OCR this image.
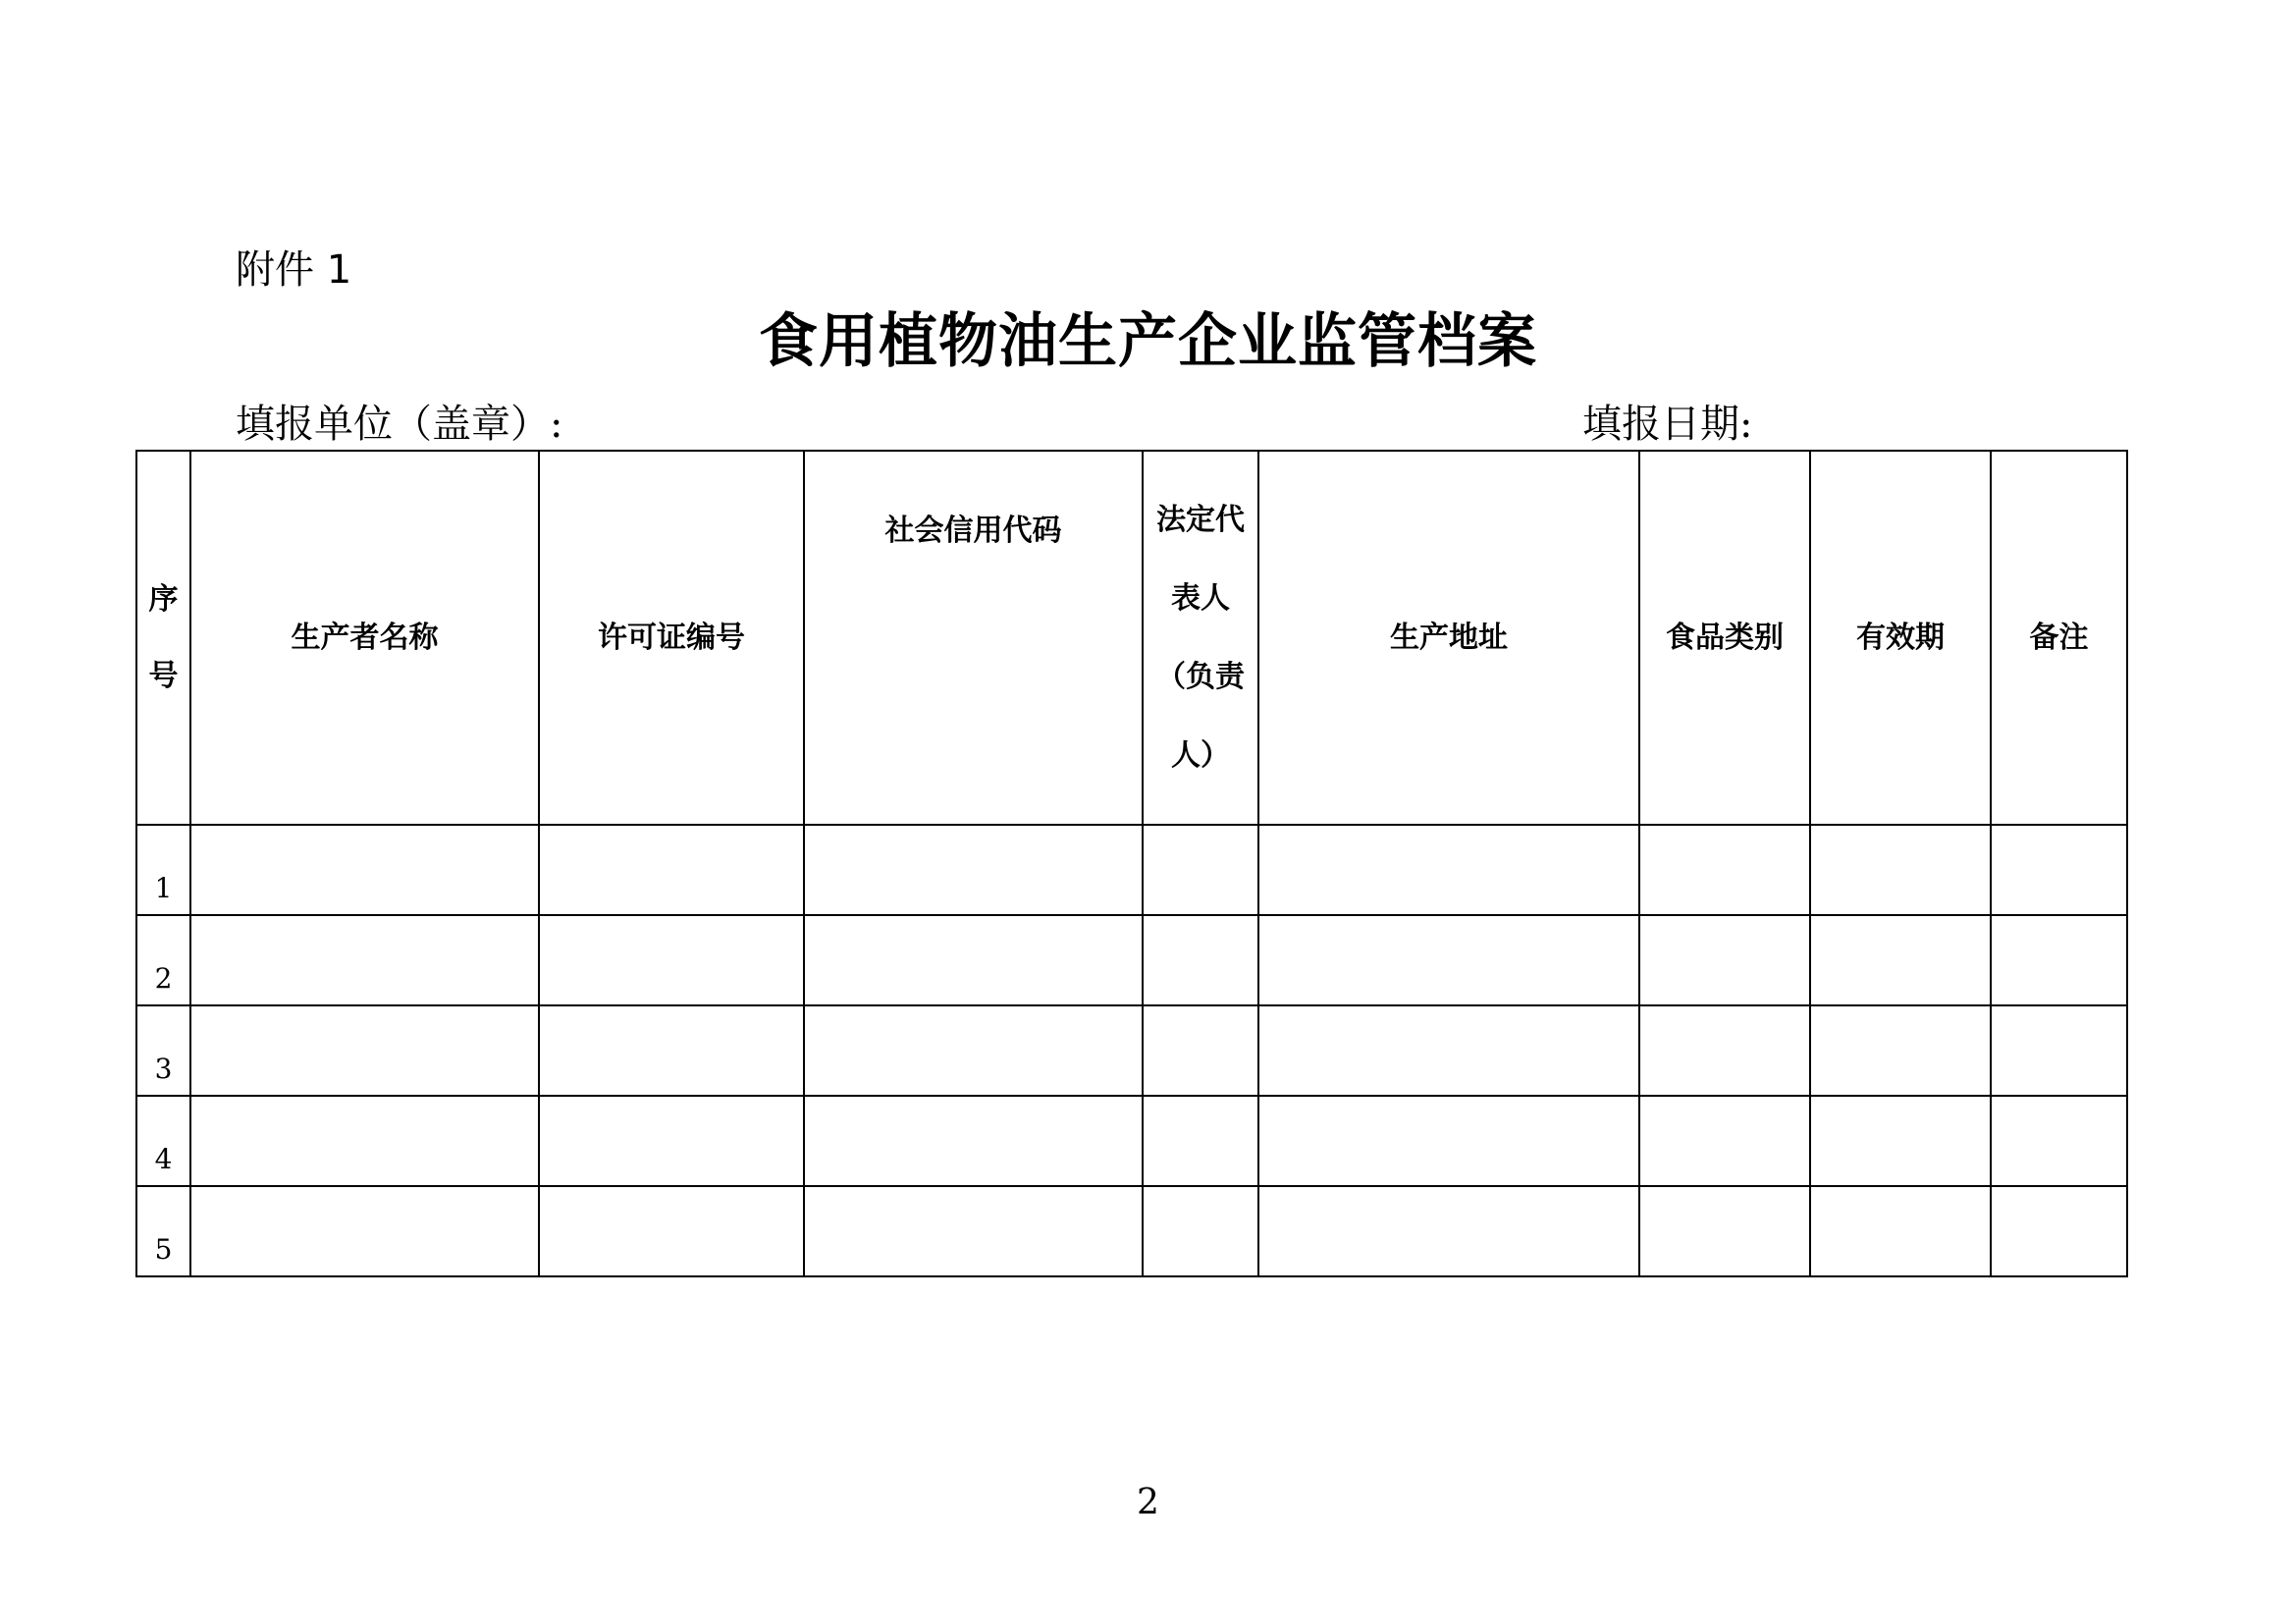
附件 1
食用植物油生产企业监管档案
填报单位（盖章）:	填报日期:
序号	生产者名称	许可证编号	社会信用代码	法定代表人（负责人）	生产地址	食品类别	有效期	备注
1								
2								
3								
4								
5								
2
